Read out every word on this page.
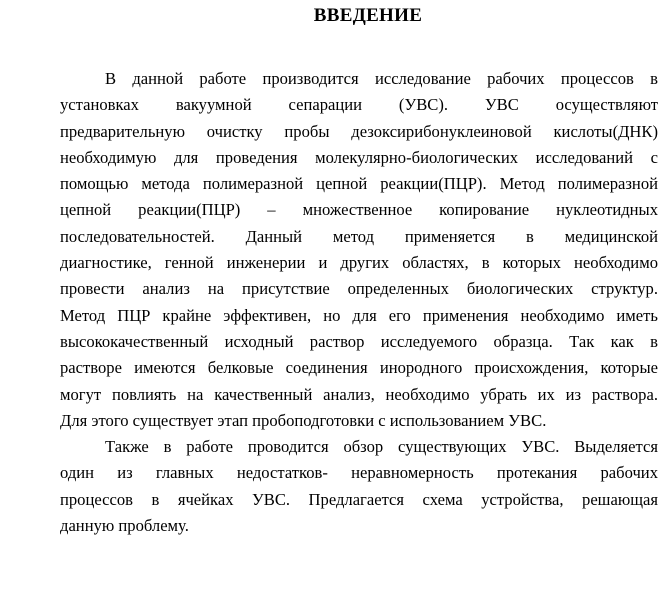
ВВЕДЕНИЕ

В данной работе производится исследование рабочих процессов в
установках вакуумной сепарации (УВС). УВС осуществляют
предварительную очистку пробы дезоксирибонуклеиновой кислоты(ДНК)
необходимую для проведения молекулярно-биологических исследований с
помощью метода полимеразной цепной реакции(ПЦР). Метод полимеразной
цепной реакции(ПЦР) – множественное копирование нуклеотидных
последовательностей. Данный метод применяется в медицинской
диагностике, генной инженерии и других областях, в которых необходимо
провести анализ на присутствие определенных биологических структур.
Метод ПЦР крайне эффективен, но для его применения необходимо иметь
высококачественный исходный раствор исследуемого образца. Так как в
растворе имеются белковые соединения инородного происхождения, которые
могут повлиять на качественный анализ, необходимо убрать их из раствора.
Для этого существует этап пробоподготовки с использованием УВС.

Также в работе проводится обзор существующих УВС. Выделяется
один из главных недостатков- неравномерность протекания рабочих
процессов в ячейках УВС. Предлагается схема устройства, решающая
данную проблему.
